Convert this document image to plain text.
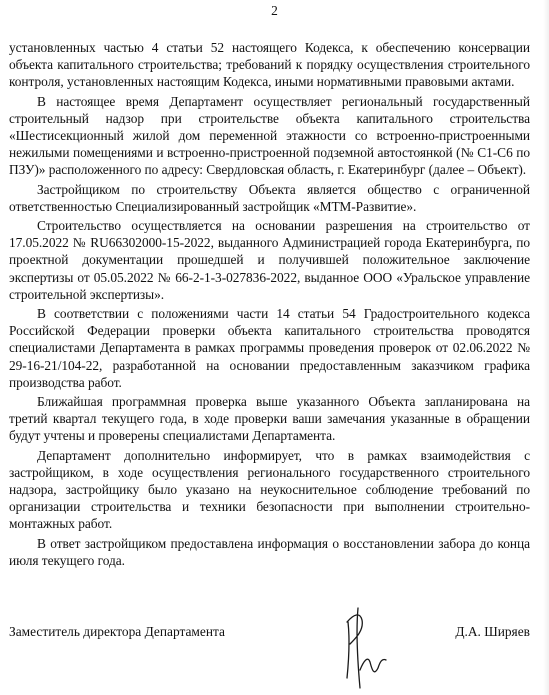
2

установленных частью 4 статьи 52 настоящего Кодекса, к обеспечению консервации объекта капитального строительства; требований к порядку осуществления строительного контроля, установленных настоящим Кодекса, иными нормативными правовыми актами.

В настоящее время Департамент осуществляет региональный государственный строительный надзор при строительстве объекта капитального строительства «Шестисекционный жилой дом переменной этажности со встроенно-пристроенными нежилыми помещениями и встроенно-пристроенной подземной автостоянкой (№ С1-С6 по ПЗУ)» расположенного по адресу: Свердловская область, г. Екатеринбург (далее – Объект).

Застройщиком по строительству Объекта является общество с ограниченной ответственностью Специализированный застройщик «МТМ-Развитие».

Строительство осуществляется на основании разрешения на строительство от 17.05.2022 № RU66302000-15-2022, выданного Администрацией города Екатеринбурга, по проектной документации прошедшей и получившей положительное заключение экспертизы от 05.05.2022 № 66-2-1-3-027836-2022, выданное ООО «Уральское управление строительной экспертизы».

В соответствии с положениями части 14 статьи 54 Градостроительного кодекса Российской Федерации проверки объекта капитального строительства проводятся специалистами Департамента в рамках программы проведения проверок от 02.06.2022 № 29-16-21/104-22, разработанной на основании предоставленным заказчиком графика производства работ.

Ближайшая программная проверка выше указанного Объекта запланирована на третий квартал текущего года, в ходе проверки ваши замечания указанные в обращении будут учтены и проверены специалистами Департамента.

Департамент дополнительно информирует, что в рамках взаимодействия с застройщиком, в ходе осуществления регионального государственного строительного надзора, застройщику было указано на неукоснительное соблюдение требований по организации строительства и техники безопасности при выполнении строительно-монтажных работ.

В ответ застройщиком предоставлена информация о восстановлении забора до конца июля текущего года.

Заместитель директора Департамента	Д.А. Ширяев
